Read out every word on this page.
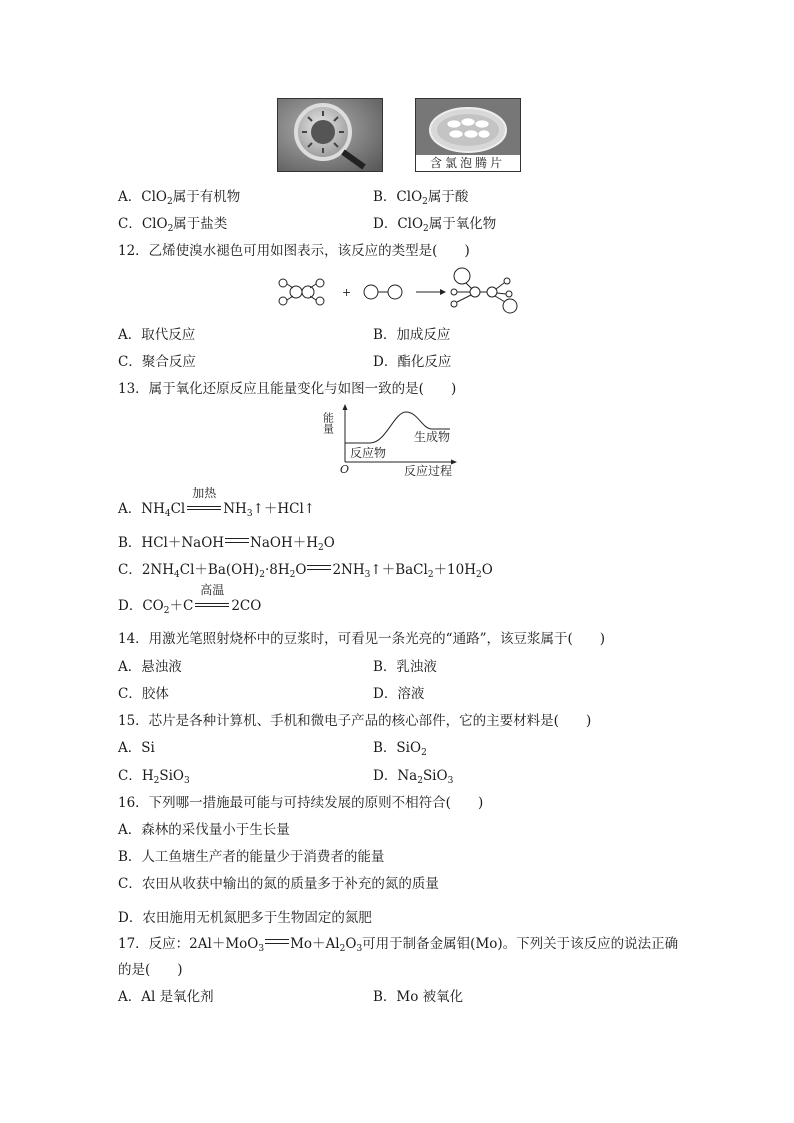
含氯泡腾片
A．ClO$_2$属于有机物	B．ClO$_2$属于酸
C．ClO$_2$属于盐类	D．ClO$_2$属于氧化物
12．乙烯使溴水褪色可用如图表示，该反应的类型是(　　)
+
A．取代反应	B．加成反应
C．聚合反应	D．酯化反应
13．属于氧化还原反应且能量变化与如图一致的是(　　)
能量
O	反应过程
反应物
生成物
A．$NH_4Cl$
加热
$NH_3↑+HCl↑$
B．HCl＋NaOH $NaOH+H_2O$
C．$2NH_4Cl+Ba(OH)_2\cdot 8H_2O$ $2NH_3↑+BaCl_2+10H_2O$
D．$CO_2+C$
高温
2CO
14．用激光笔照射烧杯中的豆浆时，可看见一条光亮的“通路”，该豆浆属于(　　)
A．悬浊液	B．乳浊液
C．胶体	D．溶液
15．芯片是各种计算机、手机和微电子产品的核心部件，它的主要材料是(　　)
A．Si	B．SiO$_2$
C．$H_2SiO_3$	D．$Na_2SiO_3$
16．下列哪一措施最可能与可持续发展的原则不相符合(　　)
A．森林的采伐量小于生长量
B．人工鱼塘生产者的能量少于消费者的能量
C．农田从收获中输出的氮的质量多于补充的氮的质量
D．农田施用无机氮肥多于生物固定的氮肥
17．反应：2Al＋MoO$_3$ $Mo+Al_2O_3$可用于制备金属钼(Mo)。下列关于该反应的说法正确
的是(　　)
A．Al 是氧化剂	B．Mo 被氧化
